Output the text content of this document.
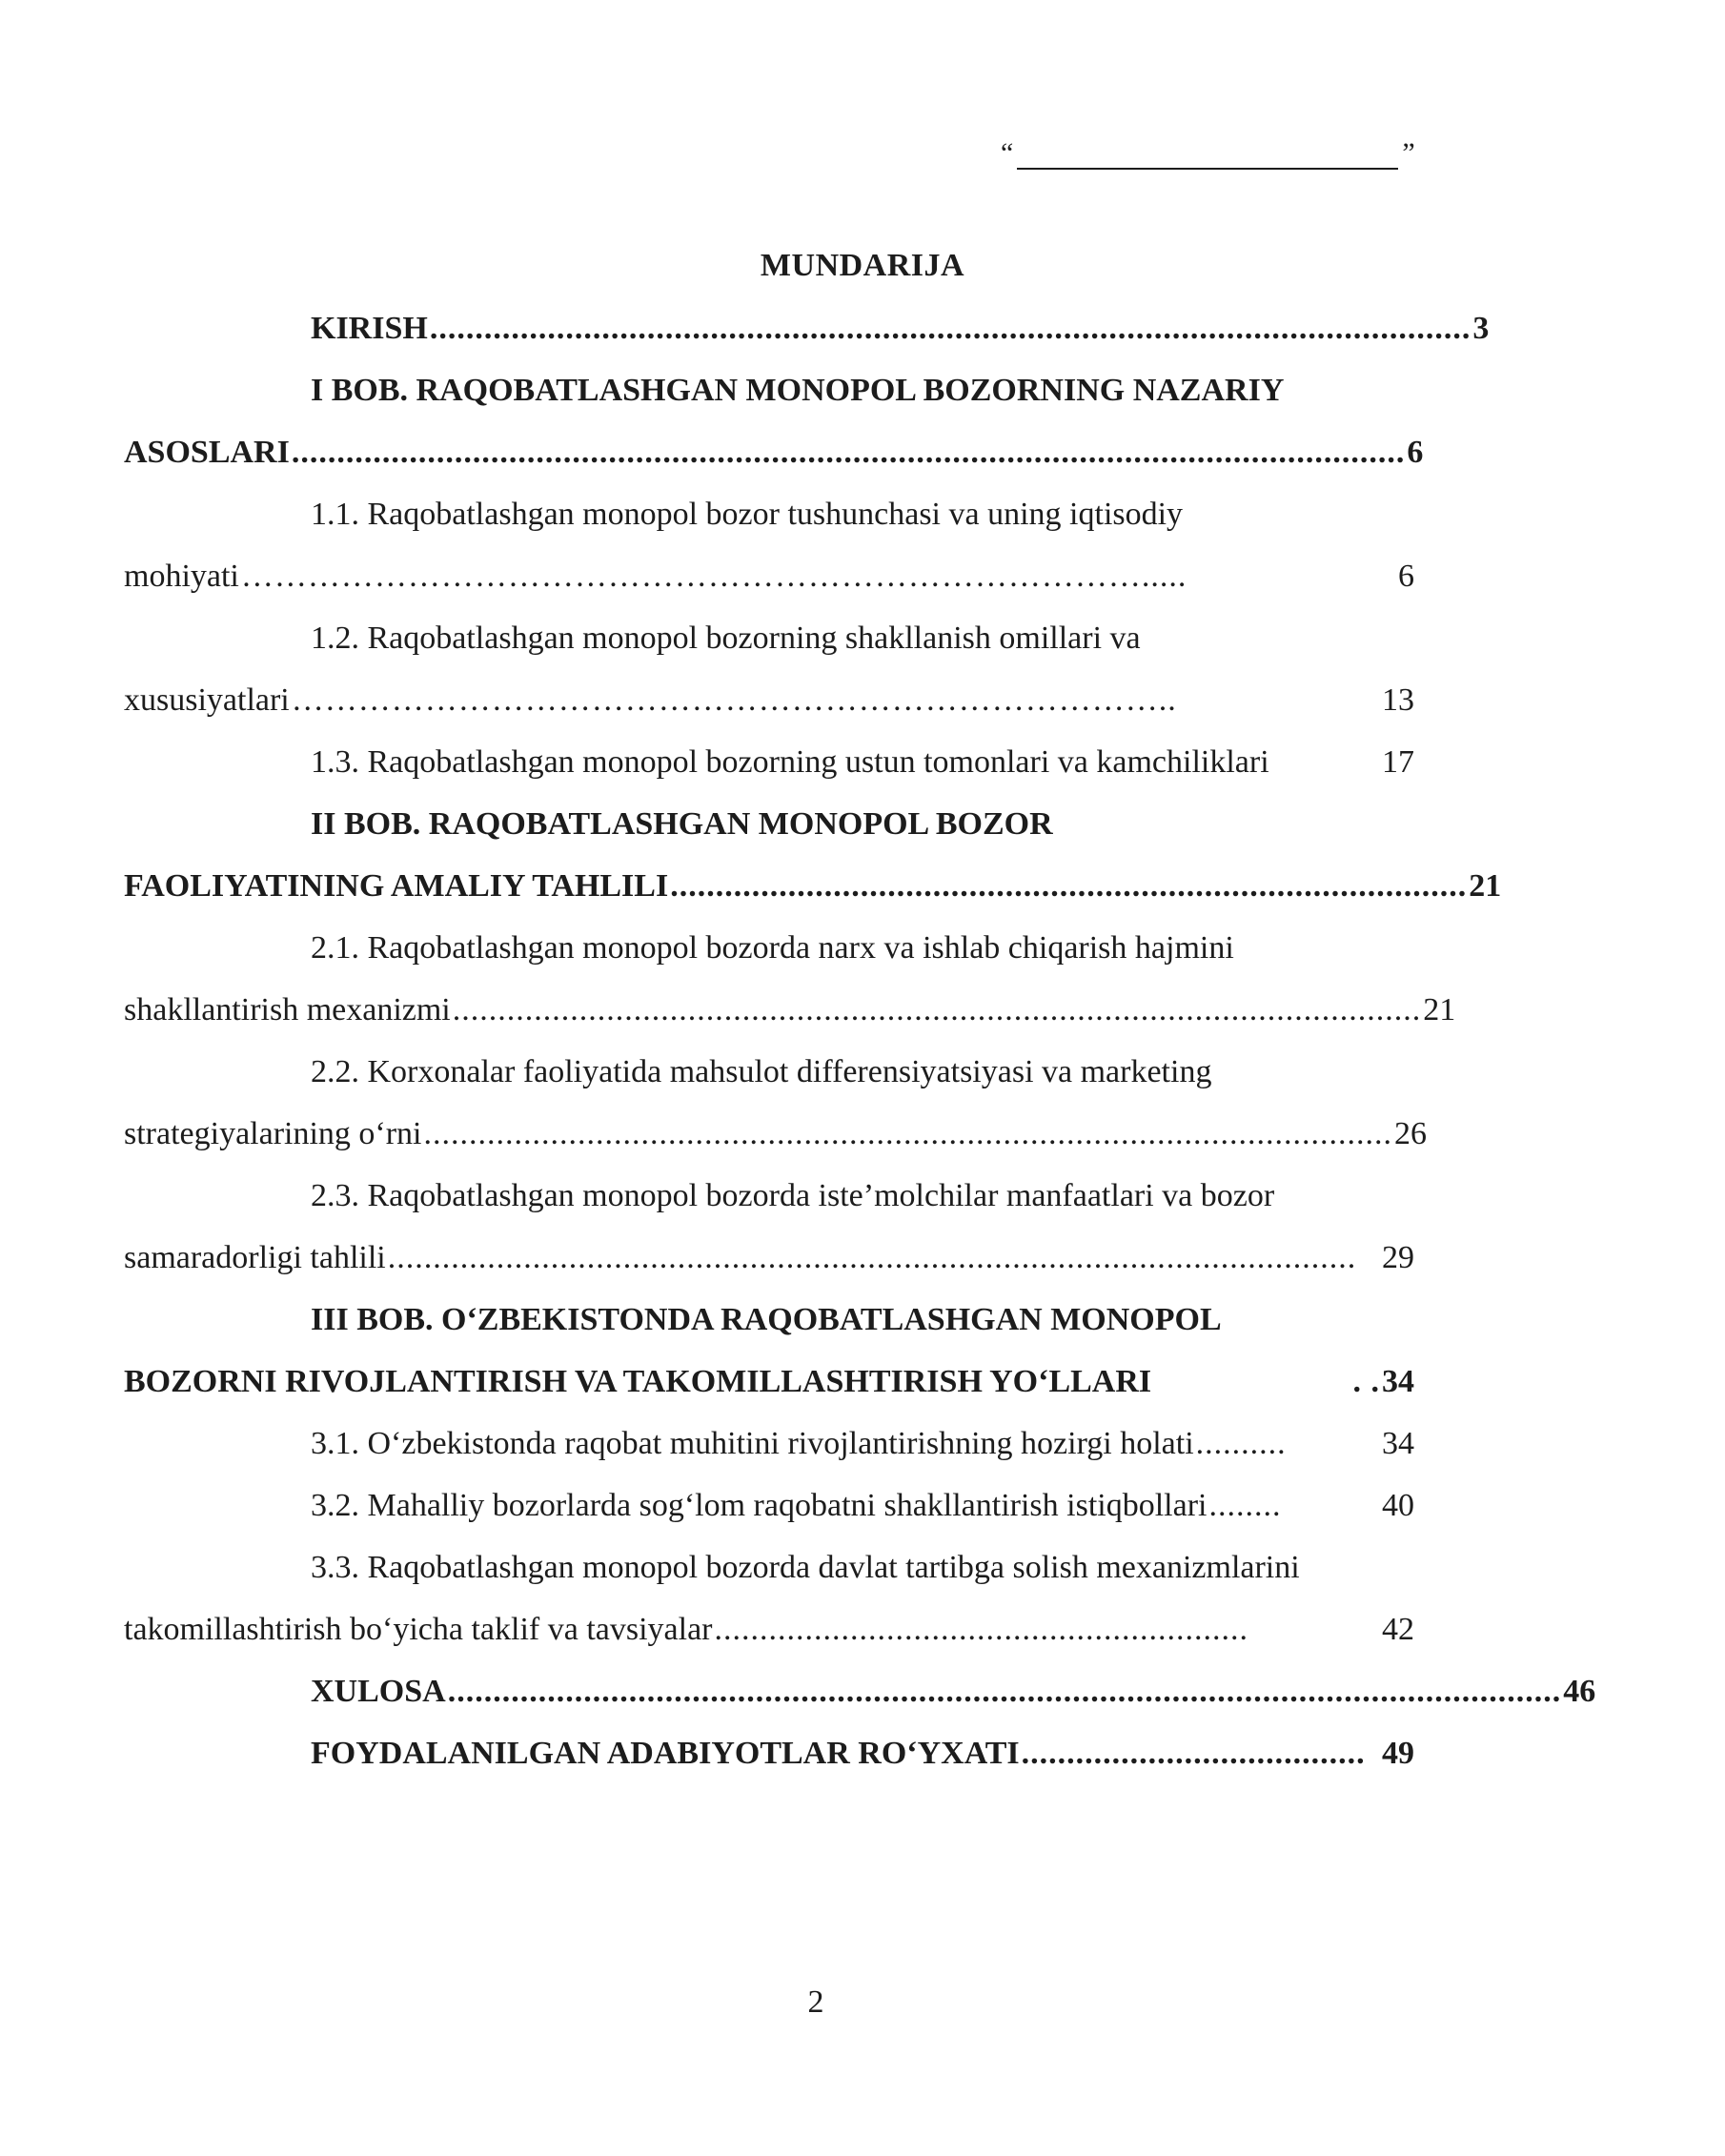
“	”
MUNDARIJA
KIRISH ................................................................................................................... 3
I BOB. RAQOBATLASHGAN MONOPOL BOZORNING NAZARIY
ASOSLARI ........................................................................................................................... 6
1.1. Raqobatlashgan monopol bozor tushunchasi va uning iqtisodiy
mohiyati ……………………………………………………………………….....	6
1.2. Raqobatlashgan monopol bozorning shakllanish omillari va
xususiyatlari ……………………………………………………………………..	13
1.3. Raqobatlashgan monopol bozorning ustun tomonlari va kamchiliklari	17
II BOB. RAQOBATLASHGAN MONOPOL BOZOR
FAOLIYATINING AMALIY TAHLILI ........................................................................................ 21
2.1. Raqobatlashgan monopol bozorda narx va ishlab chiqarish hajmini
shakllantirish mexanizmi ........................................................................................................... 21
2.2. Korxonalar faoliyatida mahsulot differensiyatsiyasi va marketing
strategiyalarining o‘rni ........................................................................................................... 26
2.3. Raqobatlashgan monopol bozorda iste’molchilar manfaatlari va bozor
samaradorligi tahlili ........................................................................................................... 29
III BOB. O‘ZBEKISTONDA RAQOBATLASHGAN MONOPOL
BOZORNI RIVOJLANTIRISH VA TAKOMILLASHTIRISH YO‘LLARI	. . 34
3.1. O‘zbekistonda raqobat muhitini rivojlantirishning hozirgi holati ..........	34
3.2. Mahalliy bozorlarda sog‘lom raqobatni shakllantirish istiqbollari ........	40
3.3. Raqobatlashgan monopol bozorda davlat tartibga solish mexanizmlarini
takomillashtirish bo‘yicha taklif va tavsiyalar ...........................................................	42
XULOSA ........................................................................................................................... 46
FOYDALANILGAN ADABIYOTLAR RO‘YXATI ...................................... 49
2
